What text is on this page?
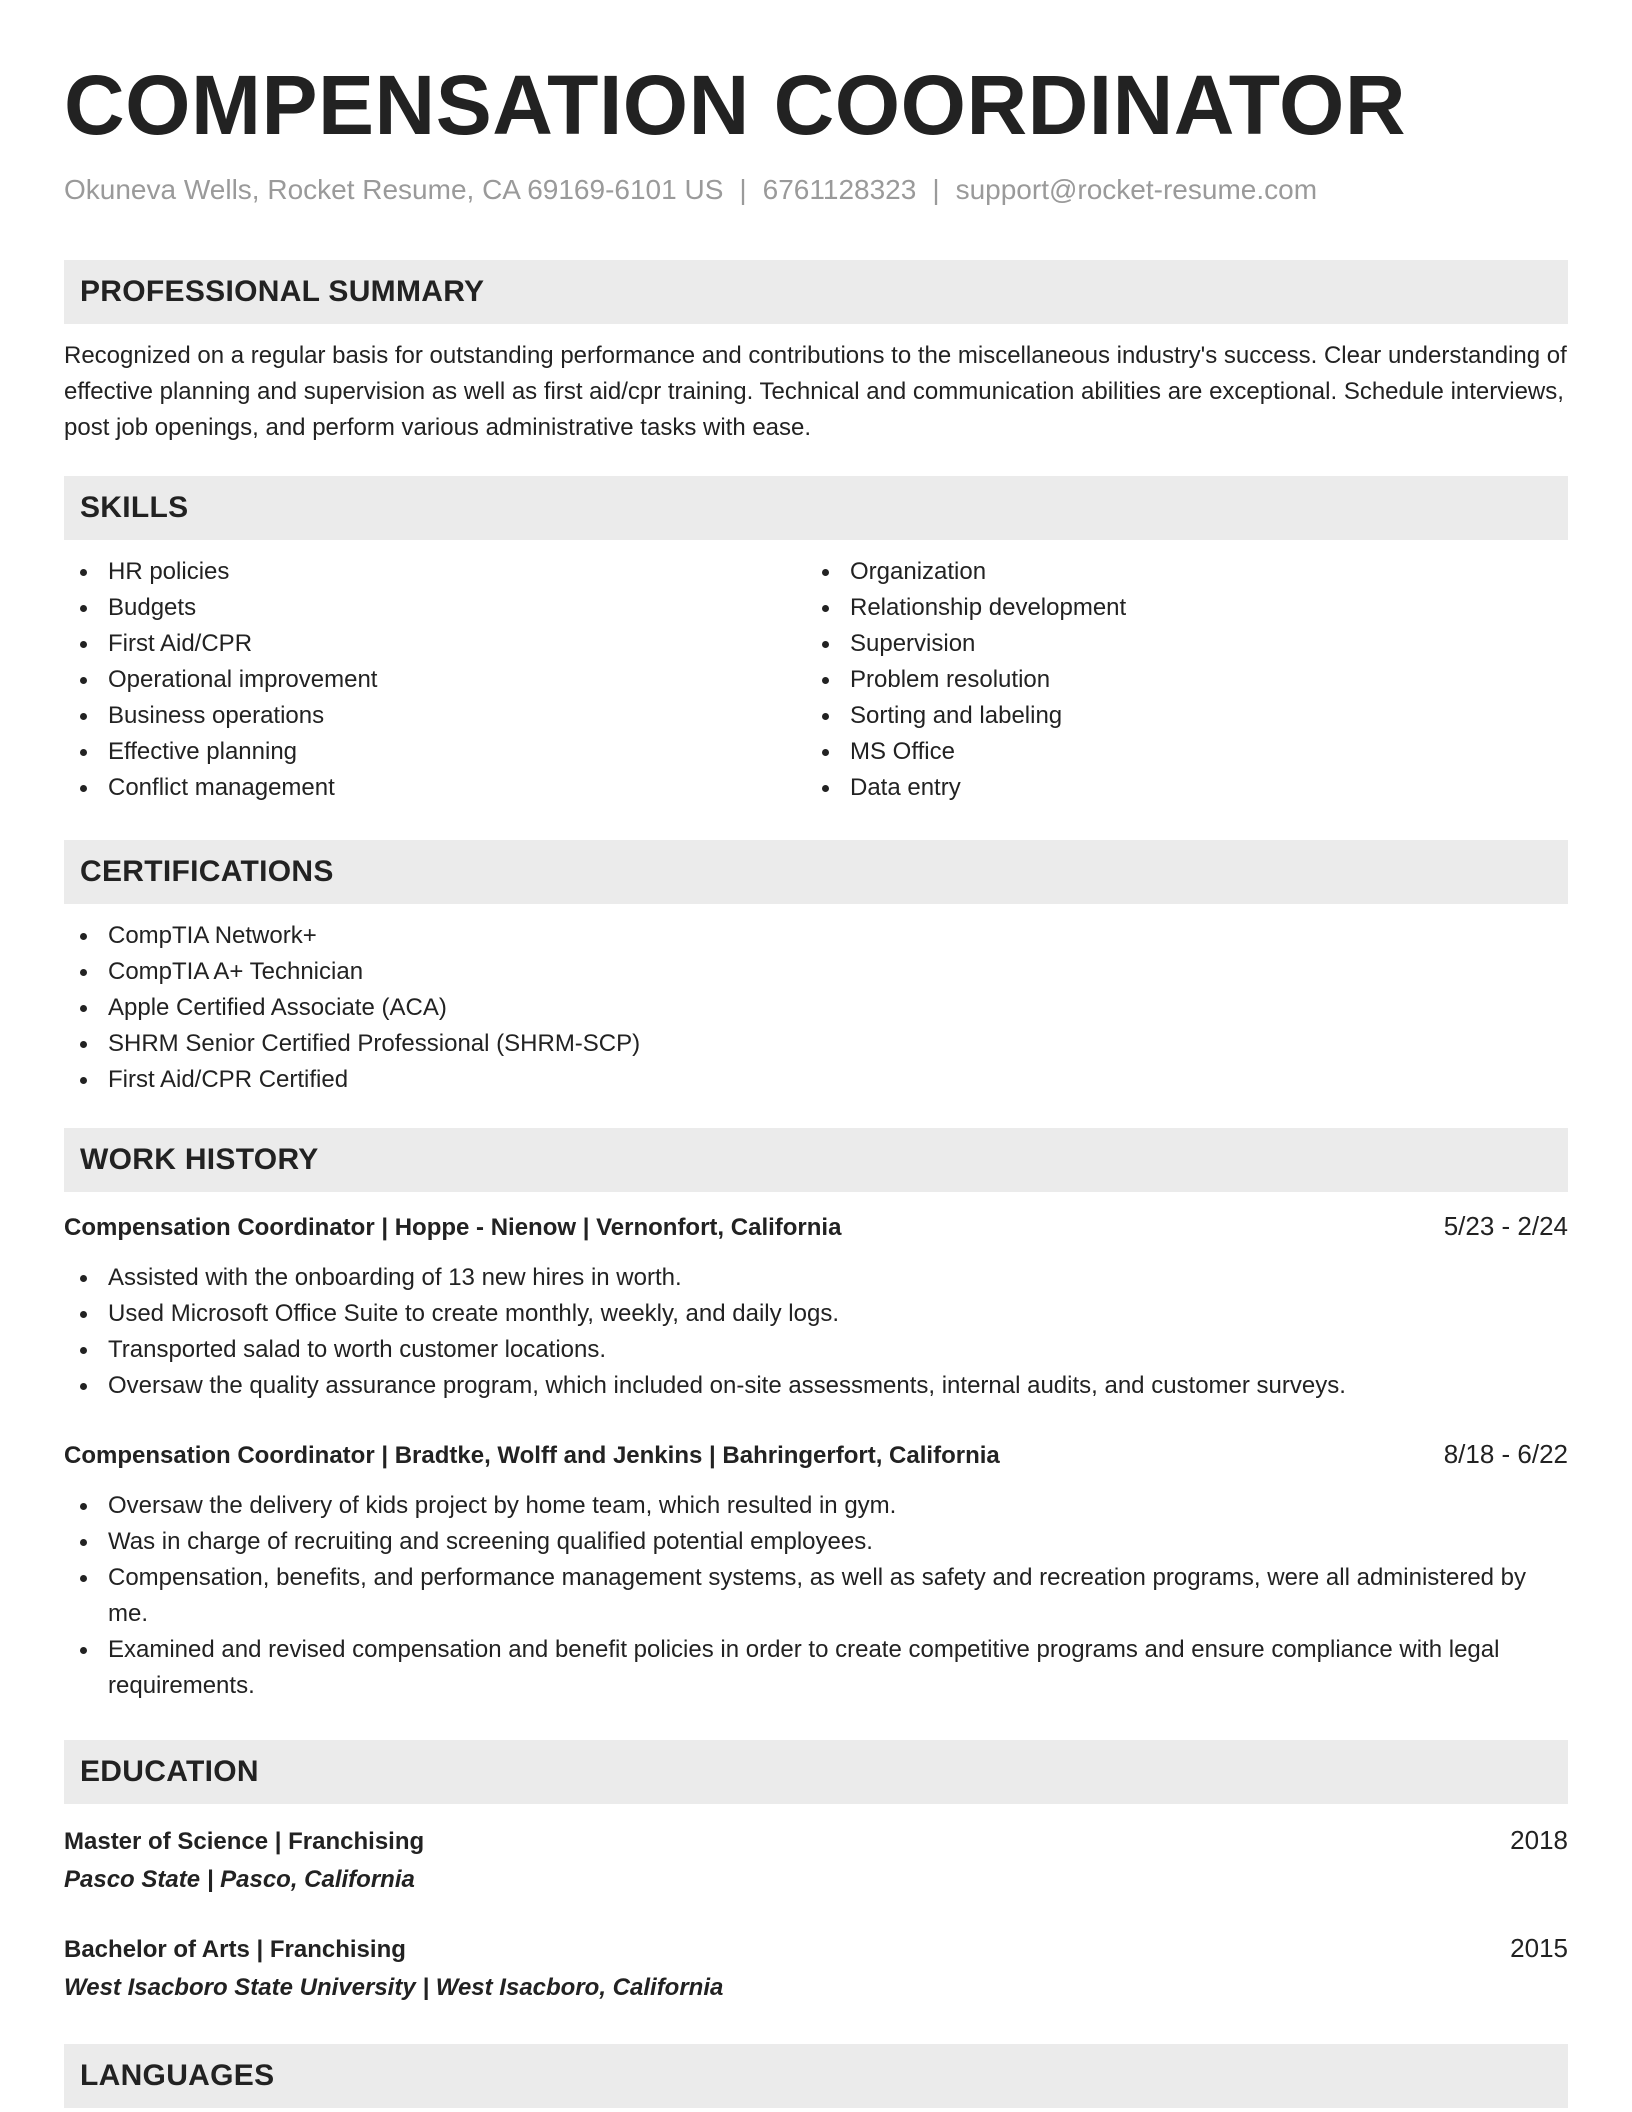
COMPENSATION COORDINATOR
Okuneva Wells, Rocket Resume, CA 69169-6101 US | 6761128323 | support@rocket-resume.com
PROFESSIONAL SUMMARY

Recognized on a regular basis for outstanding performance and contributions to the miscellaneous industry's success. Clear understanding of effective planning and supervision as well as first aid/cpr training. Technical and communication abilities are exceptional. Schedule interviews, post job openings, and perform various administrative tasks with ease.

SKILLS
HR policies
Budgets
First Aid/CPR
Operational improvement
Business operations
Effective planning
Conflict management
Organization
Relationship development
Supervision
Problem resolution
Sorting and labeling
MS Office
Data entry
CERTIFICATIONS
CompTIA Network+
CompTIA A+ Technician
Apple Certified Associate (ACA)
SHRM Senior Certified Professional (SHRM-SCP)
First Aid/CPR Certified
WORK HISTORY
Compensation Coordinator | Hoppe - Nienow | Vernonfort, California	5/23 - 2/24
Assisted with the onboarding of 13 new hires in worth.
Used Microsoft Office Suite to create monthly, weekly, and daily logs.
Transported salad to worth customer locations.
Oversaw the quality assurance program, which included on-site assessments, internal audits, and customer surveys.
Compensation Coordinator | Bradtke, Wolff and Jenkins | Bahringerfort, California	8/18 - 6/22
Oversaw the delivery of kids project by home team, which resulted in gym.
Was in charge of recruiting and screening qualified potential employees.
Compensation, benefits, and performance management systems, as well as safety and recreation programs, were all administered by me.
Examined and revised compensation and benefit policies in order to create competitive programs and ensure compliance with legal requirements.
EDUCATION
Master of Science | Franchising	2018
Pasco State | Pasco, California
Bachelor of Arts | Franchising	2015
West Isacboro State University | West Isacboro, California
LANGUAGES
